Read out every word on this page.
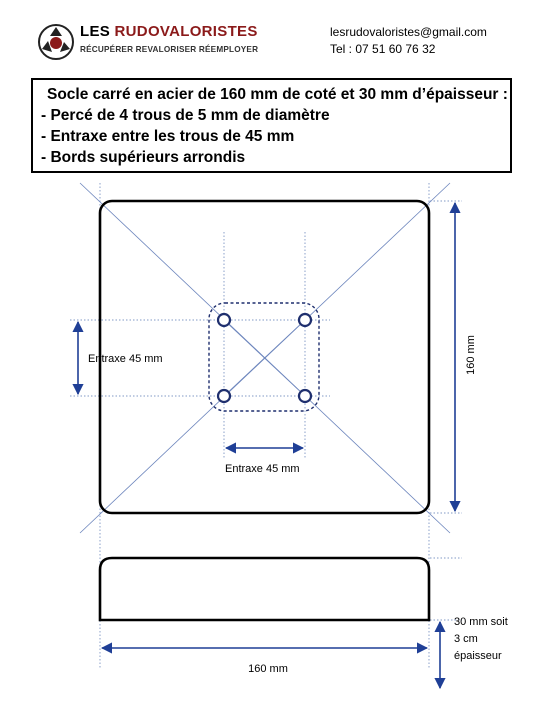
LES RUDOVALORISTES
RÉCUPÉRER REVALORISER RÉEMPLOYER
lesrudovaloristes@gmail.com
Tel : 07 51 60 76 32
Socle carré en acier de 160 mm de coté et 30 mm d’épaisseur :
- Percé de 4 trous de 5 mm de diamètre
- Entraxe entre les trous de 45 mm
- Bords supérieurs arrondis
Entraxe 45 mm
Entraxe 45 mm
160 mm
160 mm
30 mm soit
3 cm
épaisseur
